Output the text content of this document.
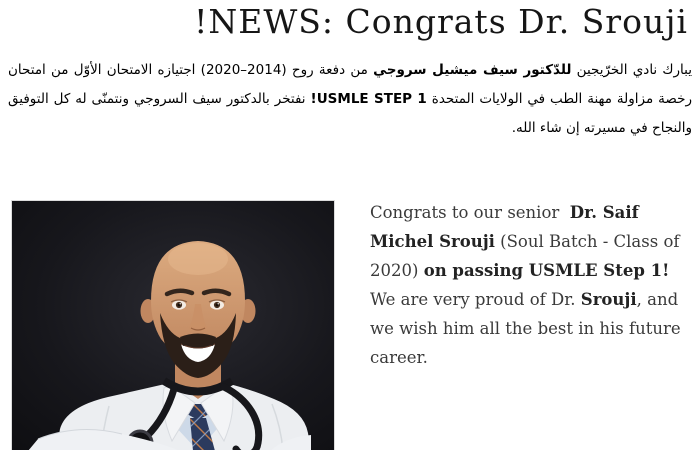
!NEWS: Congrats Dr. Srouji

يبارك نادي الخرّيجين للدّكتور سيف ميشيل سروجي من دفعة روح (2014–2020) اجتيازه الامتحان الأوّل من امتحان رخصة مزاولة مهنة الطب في الولايات المتحدة USMLE STEP 1! نفتخر بالدكتور سيف السروجي ونتمنّى له كل التوفيق والنجاح في مسيرته إن شاء الله.

Congrats to our senior  Dr. Saif Michel Srouji (Soul Batch - Class of 2020) on passing USMLE Step 1!  We are very proud of Dr. Srouji, and we wish him all the best in his future career.
